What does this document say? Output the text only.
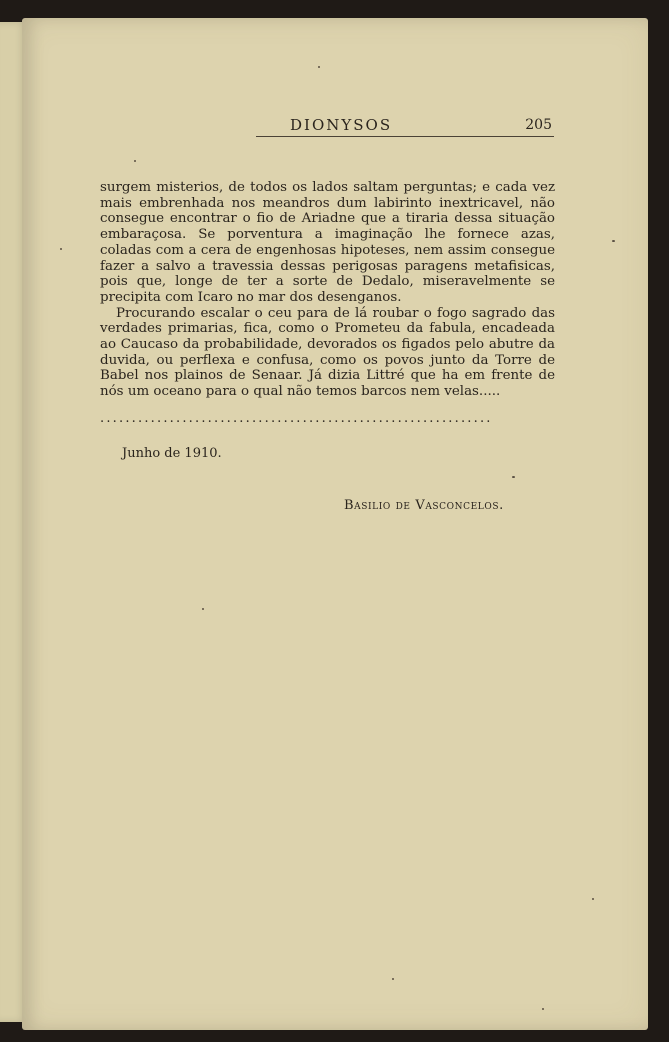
DIONYSOS	205

surgem misterios, de todos os lados saltam perguntas; e cada vez mais embrenhada nos meandros dum labirinto inextricavel, não consegue encontrar o fio de Ariadne que a tiraria dessa situação embaraçosa. Se porventura a imaginação lhe fornece azas, coladas com a cera de engenhosas hipoteses, nem assim consegue fazer a salvo a travessia dessas perigosas paragens metafisicas, pois que, longe de ter a sorte de Dedalo, miseravelmente se precipita com Icaro no mar dos desenganos.

Procurando escalar o ceu para de lá roubar o fogo sagrado das verdades primarias, fica, como o Prometeu da fabula, encadeada ao Caucaso da probabilidade, devorados os figados pelo abutre da duvida, ou perflexa e confusa, como os povos junto da Torre de Babel nos plainos de Senaar. Já dizia Littré que ha em frente de nós um oceano para o qual não temos barcos nem velas.....

..............................................................
Junho de 1910.
Basilio de Vasconcelos.
